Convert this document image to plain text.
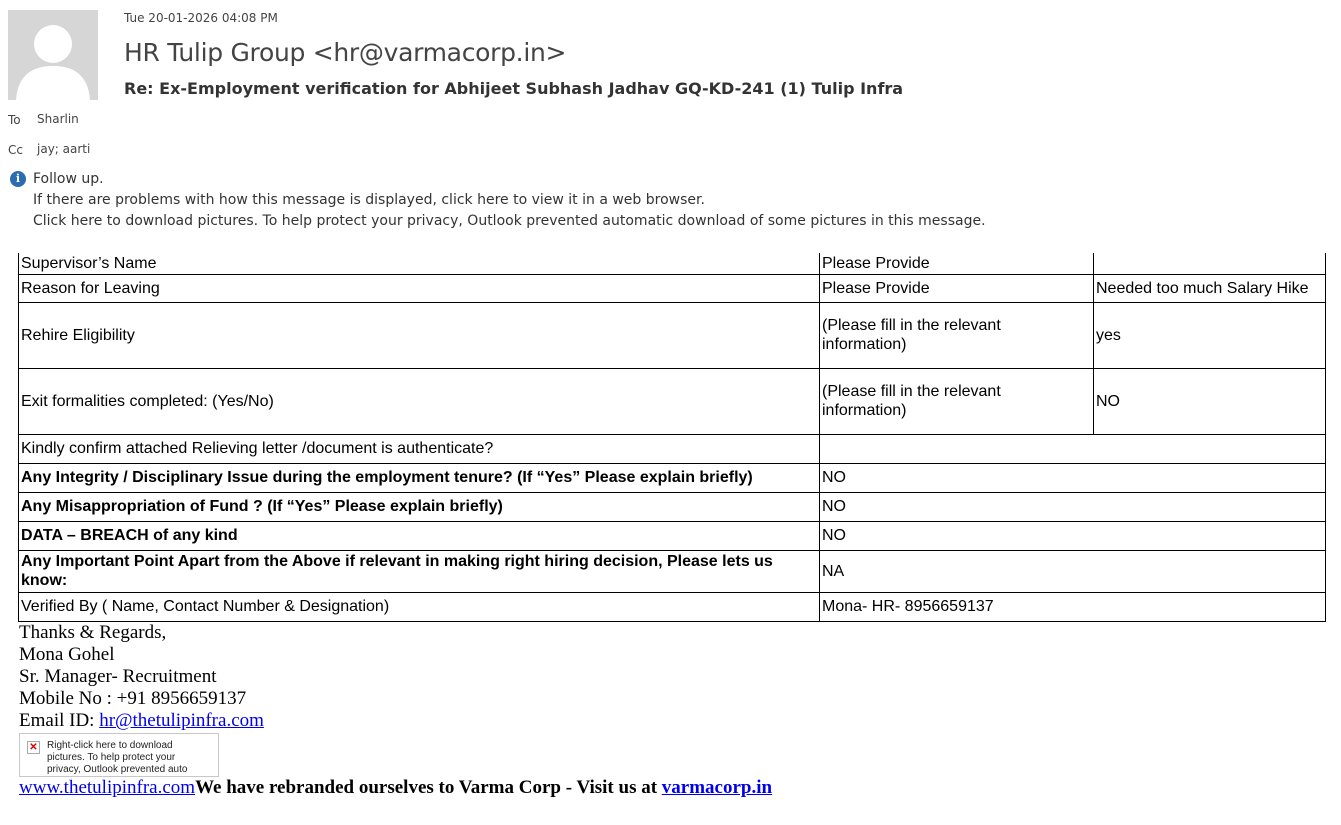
Tue 20-01-2026 04:08 PM
HR Tulip Group <hr@varmacorp.in>
Re: Ex-Employment verification for Abhijeet Subhash Jadhav GQ-KD-241 (1) Tulip Infra
To Sharlin
Cc jay; aarti
i Follow up.
If there are problems with how this message is displayed, click here to view it in a web browser.
Click here to download pictures. To help protect your privacy, Outlook prevented automatic download of some pictures in this message.
Supervisor’s Name	Please Provide	
Reason for Leaving	Please Provide	Needed too much Salary Hike
Rehire Eligibility	(Please fill in the relevant information)	yes
Exit formalities completed: (Yes/No)	(Please fill in the relevant information)	NO
Kindly confirm attached Relieving letter /document is authenticate?		
Any Integrity / Disciplinary Issue during the employment tenure? (If “Yes” Please explain briefly)	NO	
Any Misappropriation of Fund ? (If “Yes” Please explain briefly)	NO	
DATA – BREACH of any kind	NO	
Any Important Point Apart from the Above if relevant in making right hiring decision, Please lets us know:	NA	
Verified By ( Name, Contact Number & Designation)	Mona- HR- 8956659137	
Thanks & Regards,
Mona Gohel
Sr. Manager- Recruitment
Mobile No : +91 8956659137
Email ID: hr@thetulipinfra.com
✕ Right-click here to download pictures. To help protect your privacy, Outlook prevented auto
www.thetulipinfra.comWe have rebranded ourselves to Varma Corp - Visit us at varmacorp.in
